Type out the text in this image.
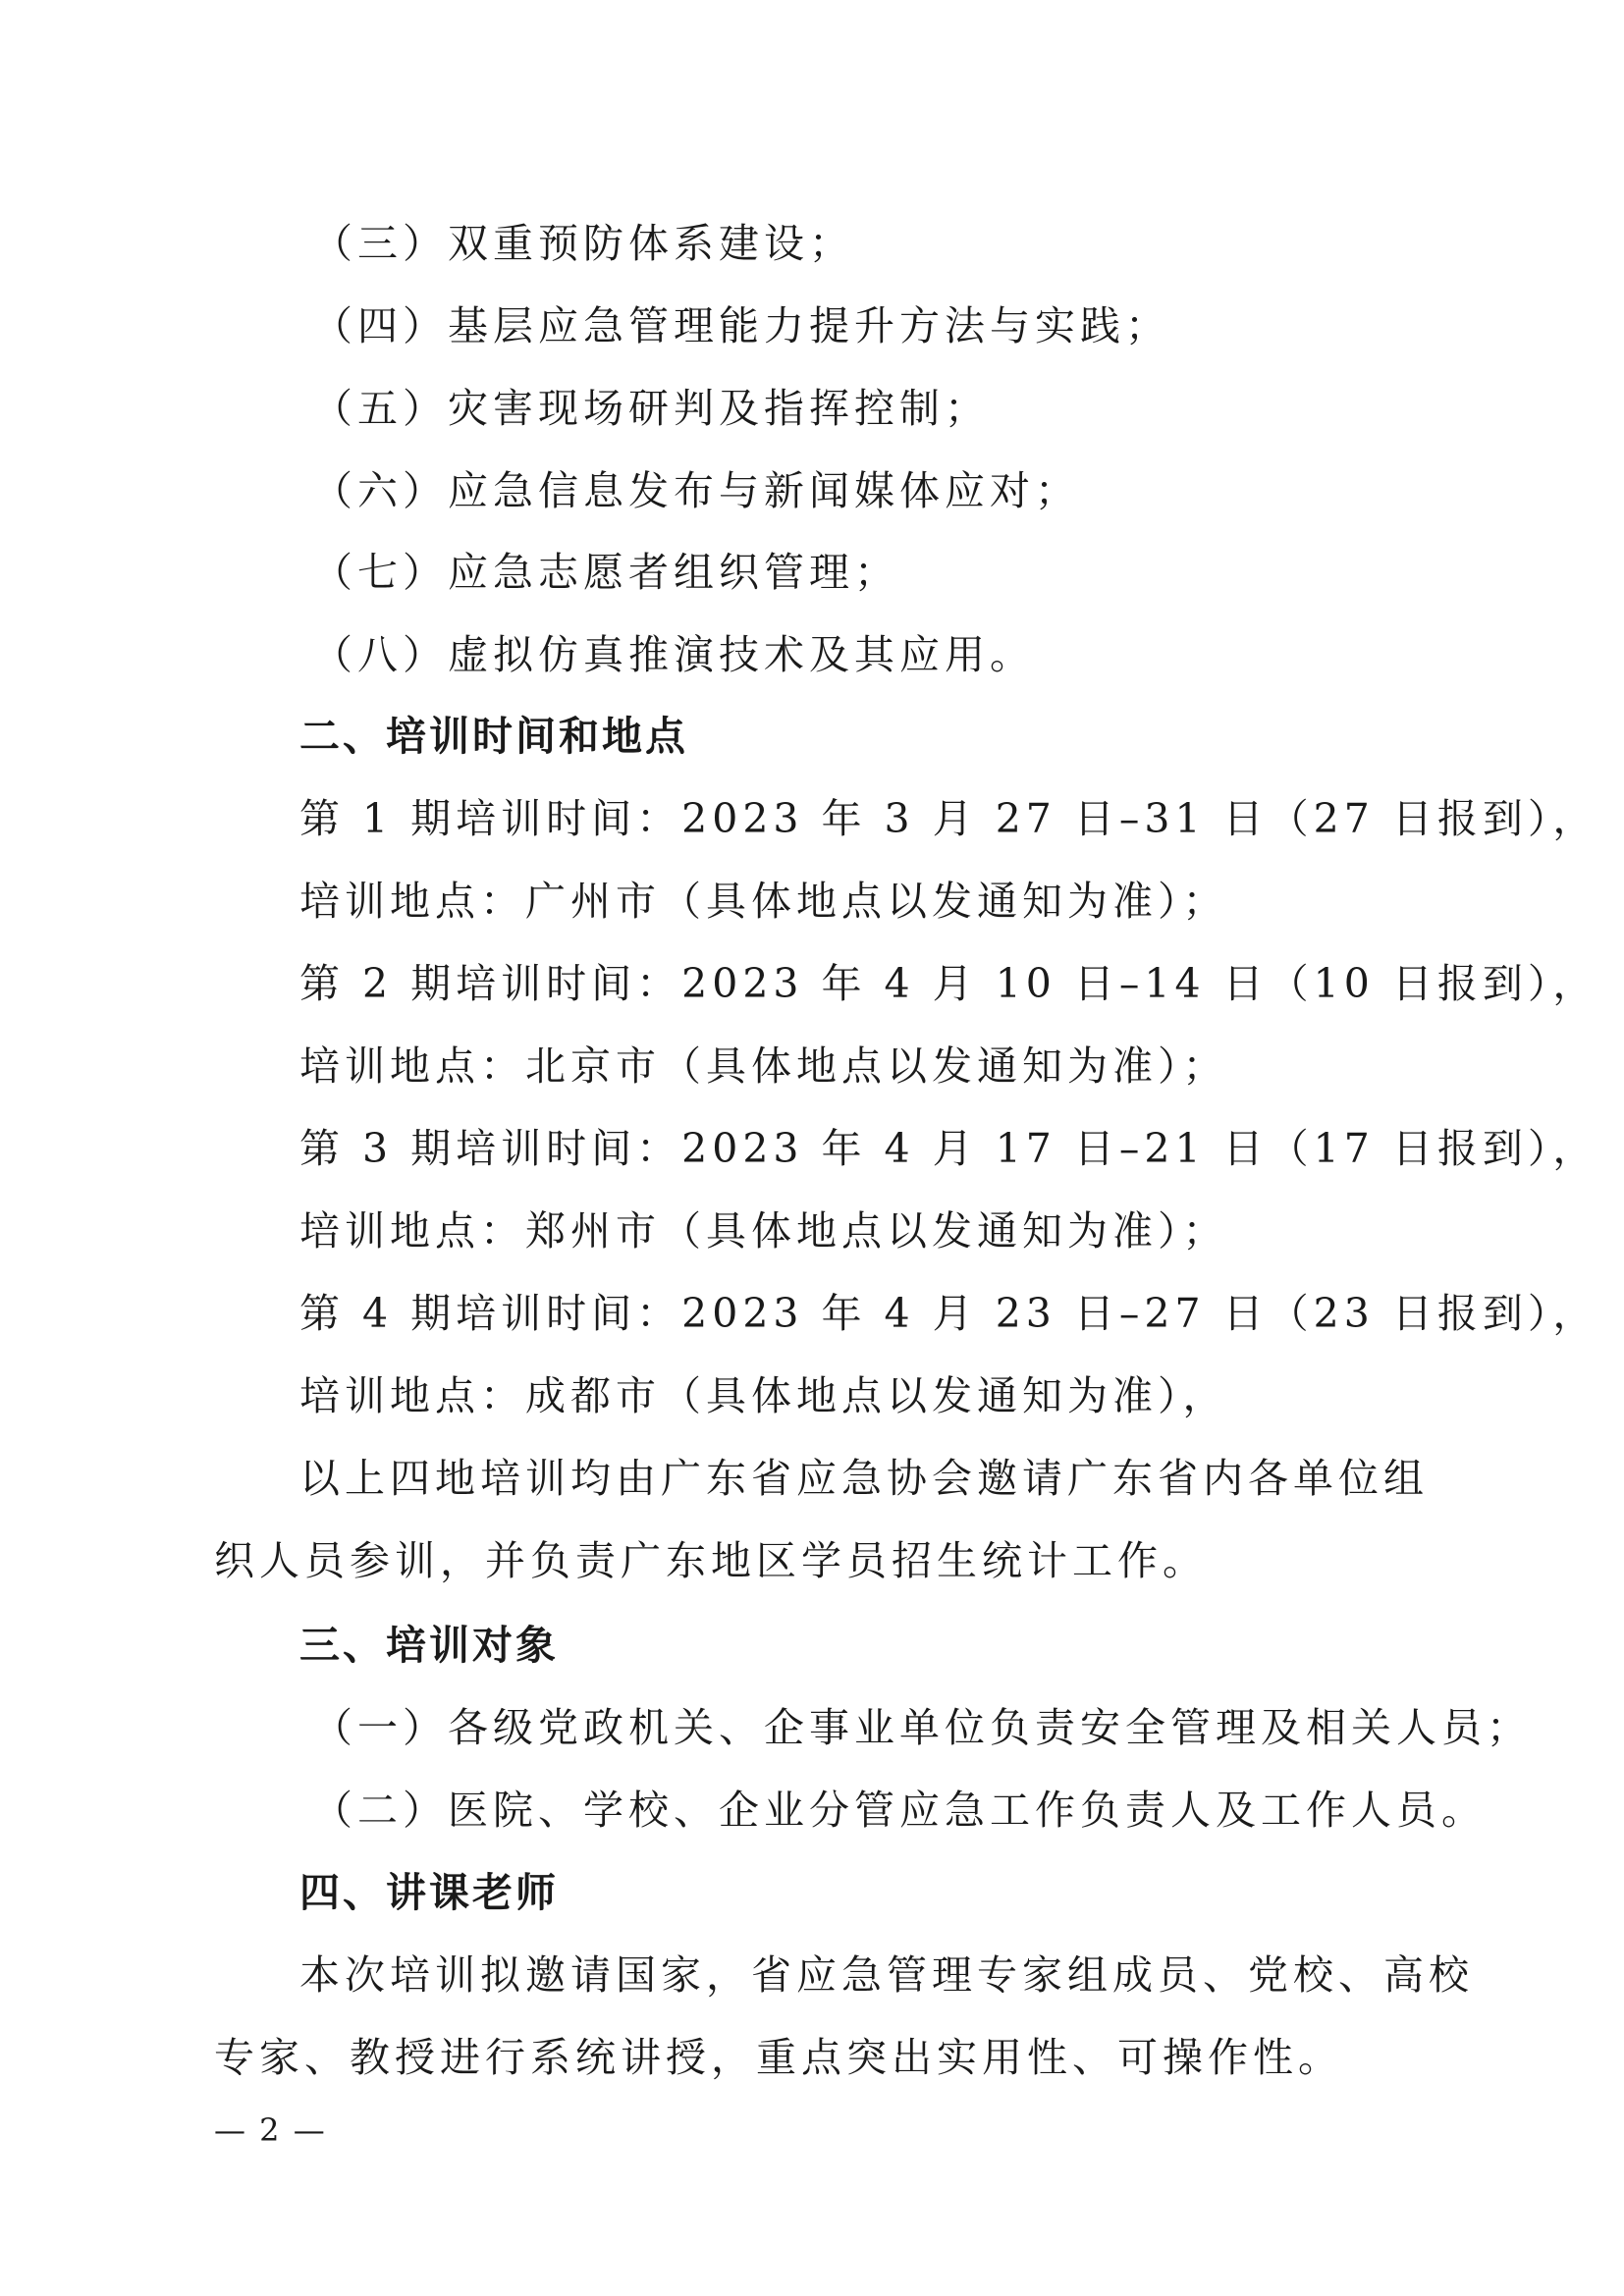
（三）双重预防体系建设；
（四）基层应急管理能力提升方法与实践；
（五）灾害现场研判及指挥控制；
（六）应急信息发布与新闻媒体应对；
（七）应急志愿者组织管理；
（八）虚拟仿真推演技术及其应用。
二、培训时间和地点
第 1 期培训时间：2023 年 3 月 27 日–31 日（27 日报到），
培训地点：广州市（具体地点以发通知为准）；
第 2 期培训时间：2023 年 4 月 10 日–14 日（10 日报到），
培训地点：北京市（具体地点以发通知为准）；
第 3 期培训时间：2023 年 4 月 17 日–21 日（17 日报到），
培训地点：郑州市（具体地点以发通知为准）；
第 4 期培训时间：2023 年 4 月 23 日–27 日（23 日报到），
培训地点：成都市（具体地点以发通知为准），
以上四地培训均由广东省应急协会邀请广东省内各单位组
织人员参训，并负责广东地区学员招生统计工作。
三、培训对象
（一）各级党政机关、企事业单位负责安全管理及相关人员；
（二）医院、学校、企业分管应急工作负责人及工作人员。
四、讲课老师
本次培训拟邀请国家，省应急管理专家组成员、党校、高校
专家、教授进行系统讲授，重点突出实用性、可操作性。
— 2 —
